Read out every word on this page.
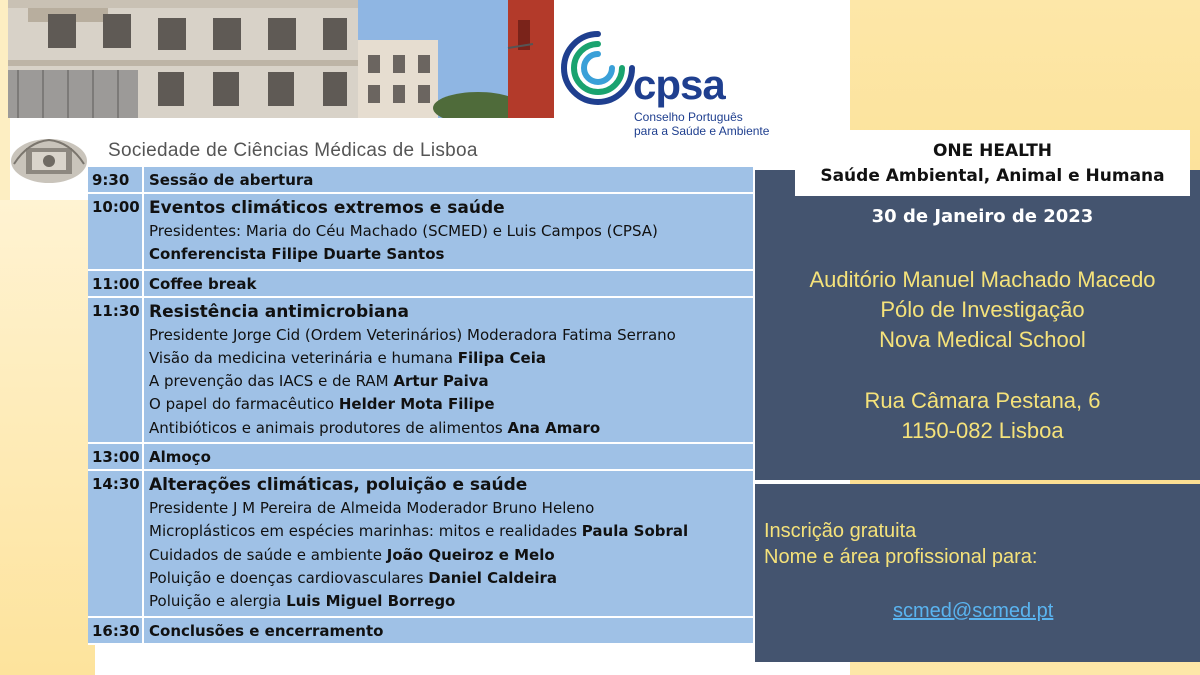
cpsa
Conselho Português
para a Saúde e Ambiente
Sociedade de Ciências Médicas de Lisboa
9:30	Sessão de abertura
10:00 Eventos climáticos extremos e saúde
Presidentes: Maria do Céu Machado (SCMED) e Luis Campos (CPSA)
Conferencista Filipe Duarte Santos
11:00 Coffee break
11:30 Resistência antimicrobiana
Presidente Jorge Cid (Ordem Veterinários) Moderadora Fatima Serrano
Visão da medicina veterinária e humana Filipa Ceia
A prevenção das IACS e de RAM Artur Paiva
O papel do farmacêutico Helder Mota Filipe
Antibióticos e animais produtores de alimentos Ana Amaro
13:00 Almoço
14:30 Alterações climáticas, poluição e saúde
Presidente J M Pereira de Almeida Moderador Bruno Heleno
Microplásticos em espécies marinhas: mitos e realidades Paula Sobral
Cuidados de saúde e ambiente João Queiroz e Melo
Poluição e doenças cardiovasculares Daniel Caldeira
Poluição e alergia Luis Miguel Borrego
16:30 Conclusões e encerramento
ONE HEALTH
Saúde Ambiental, Animal e Humana
30 de Janeiro de 2023
Auditório Manuel Machado Macedo
Pólo de Investigação
Nova Medical School
Rua Câmara Pestana, 6
1150-082 Lisboa
Inscrição gratuita
Nome e área profissional para:
scmed@scmed.pt
